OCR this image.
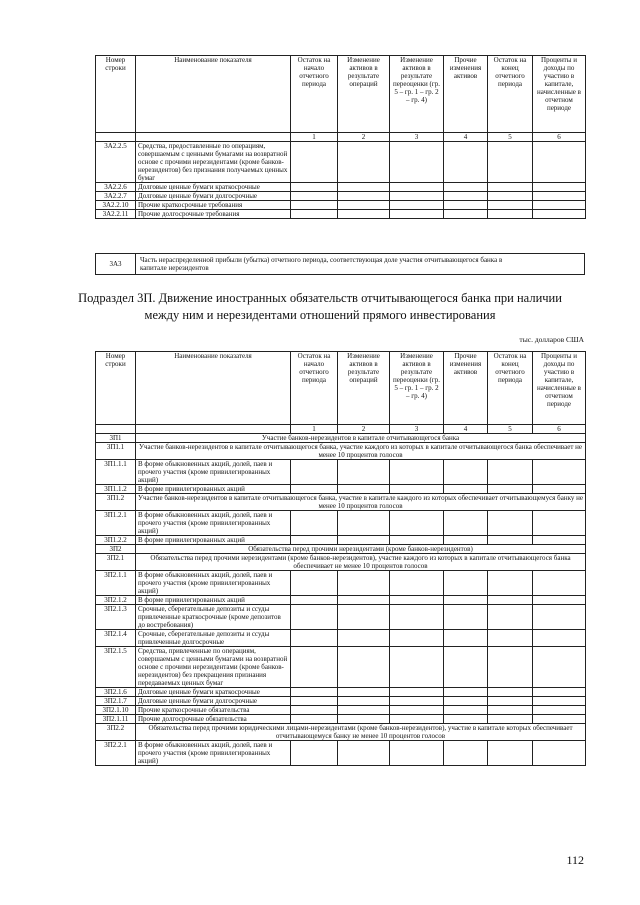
Номер строки	Наименование показателя	Остаток на начало отчетного периода	Изменение активов в результате операций	Изменение активов в результате переоценки (гр. 5 – гр. 1 – гр. 2 – гр. 4)	Прочие изменения активов	Остаток на конец отчетного периода	Проценты и доходы по участию в капитале, начисленные в отчетном периоде
		1	2	3	4	5	6
3А2.2.5	Средства, предоставленные по операциям, совершаемым с ценными бумагами на возвратной основе с прочими нерезидентами (кроме банков-нерезидентов) без признания получаемых ценных бумаг						
3А2.2.6	Долговые ценные бумаги краткосрочные						
3А2.2.7	Долговые ценные бумаги долгосрочные						
3А2.2.10	Прочие краткосрочные требования						
3А2.2.11	Прочие долгосрочные требования						
3А3	Часть нераспределенной прибыли (убытка) отчетного периода, соответствующая доле участия отчитывающегося банка в капитале нерезидентов
Подраздел 3П. Движение иностранных обязательств отчитывающегося банка при наличии между ним и нерезидентами отношений прямого инвестирования
тыс. долларов США
Номер строки	Наименование показателя	Остаток на начало отчетного периода	Изменение активов в результате операций	Изменение активов в результате переоценки (гр. 5 – гр. 1 – гр. 2 – гр. 4)	Прочие изменения активов	Остаток на конец отчетного периода	Проценты и доходы по участию в капитале, начисленные в отчетном периоде
		1	2	3	4	5	6
3П1	Участие банков-нерезидентов в капитале отчитывающегося банка						
3П1.1	Участие банков-нерезидентов в капитале отчитывающегося банка, участие каждого из которых в капитале отчитывающегося банка обеспечивает не менее 10 процентов голосов						
3П1.1.1	В форме обыкновенных акций, долей, паев и прочего участия (кроме привилегированных акций)						
3П1.1.2	В форме привилегированных акций						
3П1.2	Участие банков-нерезидентов в капитале отчитывающегося банка, участие в капитале каждого из которых обеспечивает отчитывающемуся банку не менее 10 процентов голосов						
3П1.2.1	В форме обыкновенных акций, долей, паев и прочего участия (кроме привилегированных акций)						
3П1.2.2	В форме привилегированных акций						
3П2	Обязательства перед прочими нерезидентами (кроме банков-нерезидентов)						
3П2.1	Обязательства перед прочими нерезидентами (кроме банков-нерезидентов), участие каждого из которых в капитале отчитывающегося банка обеспечивает не менее 10 процентов голосов						
3П2.1.1	В форме обыкновенных акций, долей, паев и прочего участия (кроме привилегированных акций)						
3П2.1.2	В форме привилегированных акций						
3П2.1.3	Срочные, сберегательные депозиты и ссуды привлеченные краткосрочные (кроме депозитов до востребования)						
3П2.1.4	Срочные, сберегательные депозиты и ссуды привлеченные долгосрочные						
3П2.1.5	Средства, привлеченные по операциям, совершаемым с ценными бумагами на возвратной основе с прочими нерезидентами (кроме банков-нерезидентов) без прекращения признания передаваемых ценных бумаг						
3П2.1.6	Долговые ценные бумаги краткосрочные						
3П2.1.7	Долговые ценные бумаги долгосрочные						
3П2.1.10	Прочие краткосрочные обязательства						
3П2.1.11	Прочие долгосрочные обязательства						
3П2.2	Обязательства перед прочими юридическими лицами-нерезидентами (кроме банков-нерезидентов), участие в капитале которых обеспечивает отчитывающемуся банку не менее 10 процентов голосов						
3П2.2.1	В форме обыкновенных акций, долей, паев и прочего участия (кроме привилегированных акций)						
112
